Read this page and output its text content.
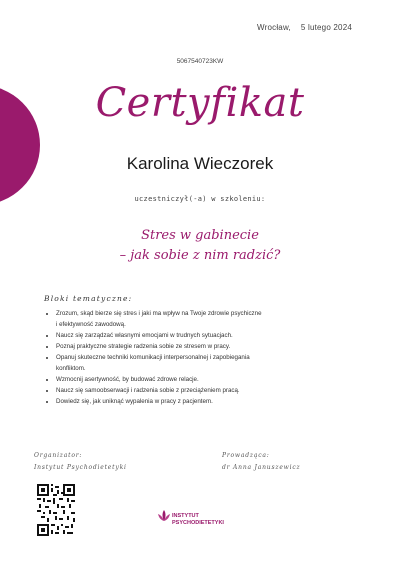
Wrocław, 5 lutego 2024
5067540723KW
Certyfikat
Karolina Wieczorek
uczestniczył(-a) w szkoleniu:
Stres w gabinecie
– jak sobie z nim radzić?
Bloki tematyczne:
• Zrozum, skąd bierze się stres i jaki ma wpływ na Twoje zdrowie psychiczne
i efektywność zawodową.
• Naucz się zarządzać własnymi emocjami w trudnych sytuacjach.
• Poznaj praktyczne strategie radzenia sobie ze stresem w pracy.
• Opanuj skuteczne techniki komunikacji interpersonalnej i zapobiegania
konfliktom.
• Wzmocnij asertywność, by budować zdrowe relacje.
• Naucz się samoobserwacji i radzenia sobie z przeciążeniem pracą.
• Dowiedz się, jak uniknąć wypalenia w pracy z pacjentem.
Organizator:
Instytut Psychodietetyki
Prowadząca:
dr Anna Januszewicz
INSTYTUT
PSYCHODIETETYKI
